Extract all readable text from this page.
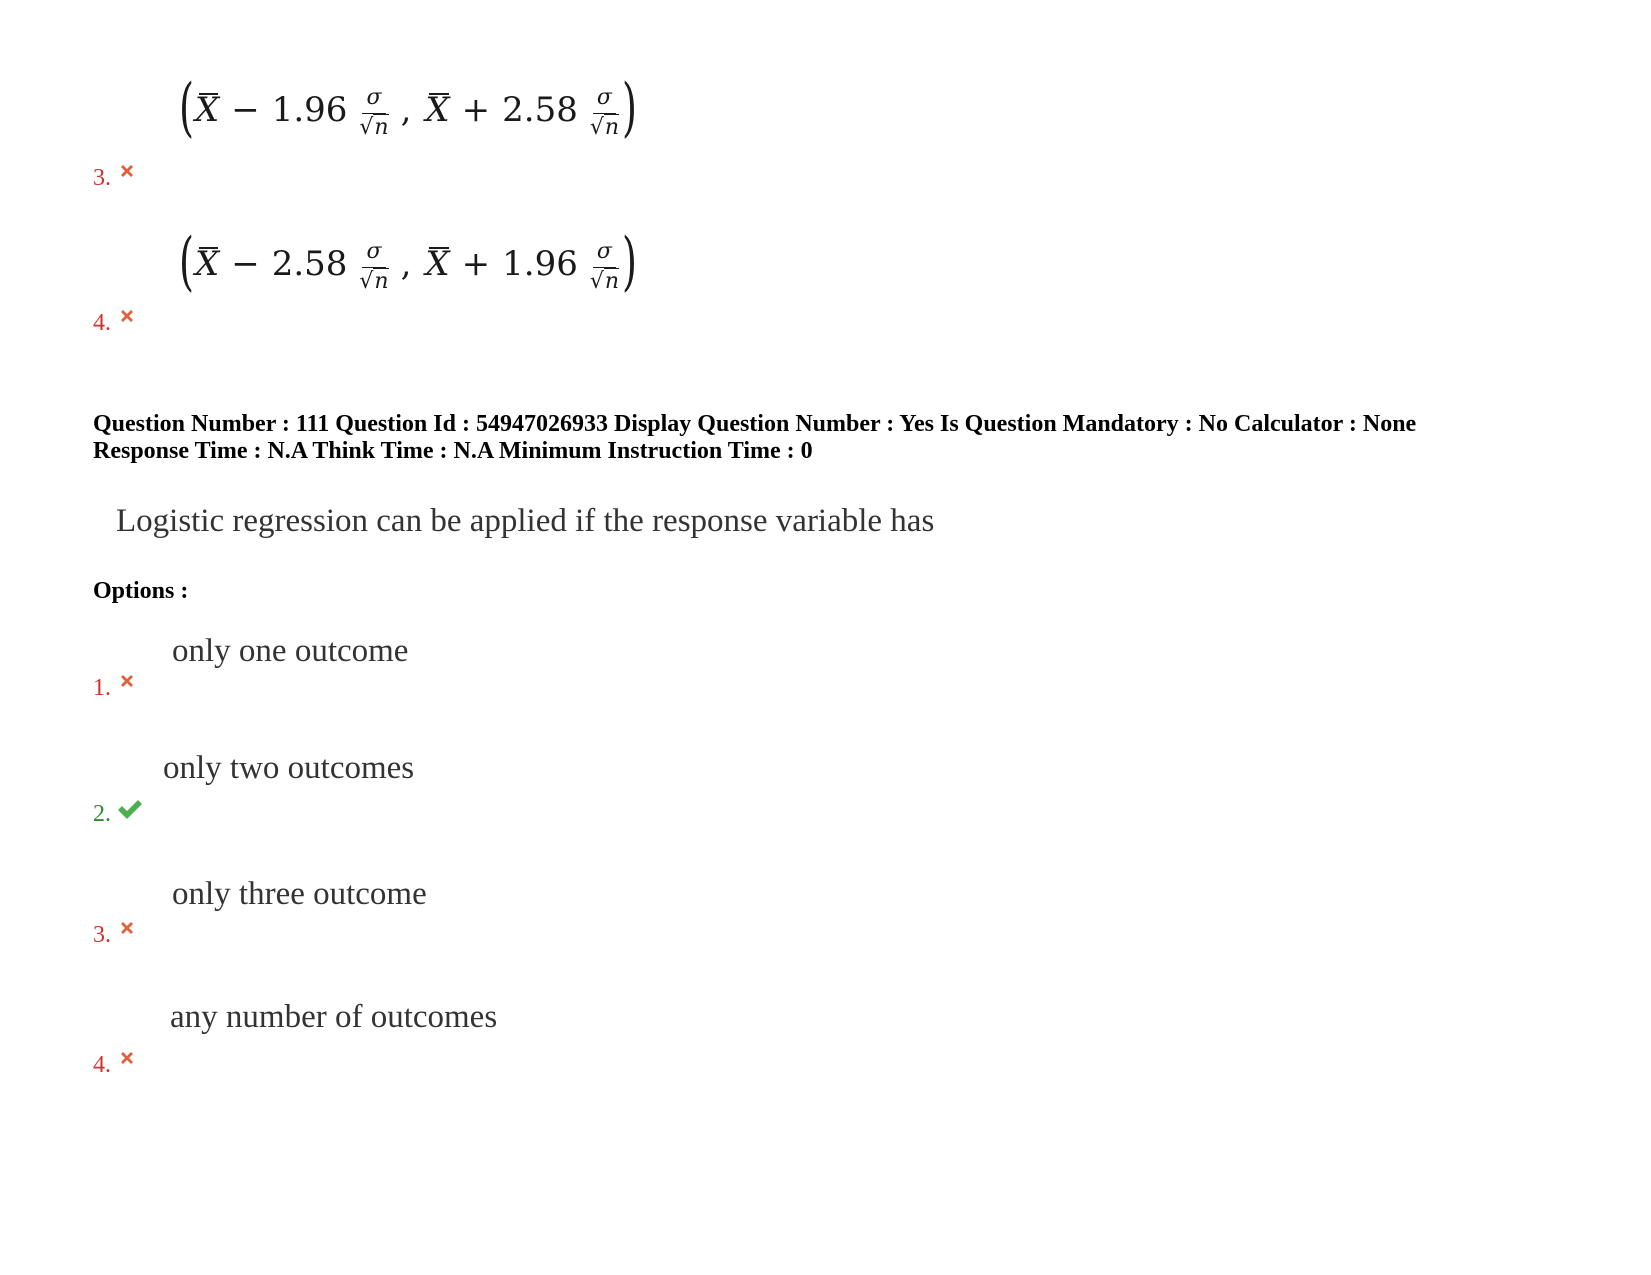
( $X - 1.96 \frac{\sigma}{√n}$ , $X + 2.58 \frac{\sigma}{√n}$ )
3.
( $X - 2.58 \frac{\sigma}{√n}$ , $X + 1.96 \frac{\sigma}{√n}$ )
4.
Question Number : 111 Question Id : 54947026933 Display Question Number : Yes Is Question Mandatory : No Calculator : None
Response Time : N.A Think Time : N.A Minimum Instruction Time : 0
Logistic regression can be applied if the response variable has
Options :
only one outcome
1.
only two outcomes
2.
only three outcome
3.
any number of outcomes
4.
